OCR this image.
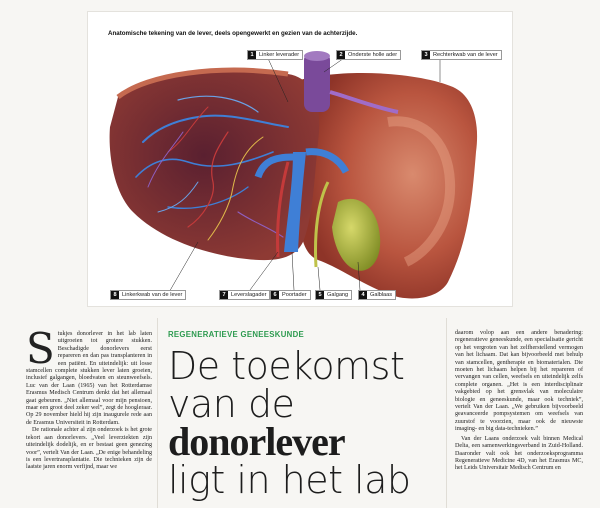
Anatomische tekening van de lever, deels opengewerkt en gezien van de achterzijde.
1 Linker leverader	2 Onderste holle ader	3 Rechterkwab van de lever
4 Galblaas
5 Galgang
6 Poortader
7 Leverslagader
8 Linkerkwab van de lever
S tukjes donorlever in het lab laten uitgroeien tot grotere stukken. Beschadigde donorlevers eerst repareren en dan pas transplanteren in een patiënt. En uiteindelijk: uit losse stamcellen complete stukken lever laten groeien, inclusief galgangen, bloedvaten en steunweefsels. Luc van der Laan (1965) van het Rotterdamse Erasmus Medisch Centrum denkt dat het allemaal gaat gebeuren. „Niet allemaal voor mijn pensioen, maar een groot deel zeker wel”, zegt de hoogleraar. Op 29 november hield hij zijn inaugurele rede aan de Erasmus Universiteit in Rotterdam.

De rationale achter al zijn onderzoek is het grote tekort aan donorlevers. „Veel leverziekten zijn uiteindelijk dodelijk, en er bestaat geen genezing voor”, vertelt Van der Laan. „De enige behandeling is een levertransplantatie. Die technieken zijn de laatste jaren enorm verfijnd, maar we

REGENERATIEVE GENEESKUNDE
De toekomst
van de
donorlever
ligt in het lab

daarom volop aan een andere benadering: regeneratieve geneeskunde, een specialisatie gericht op het vergroten van het zelfherstellend vermogen van het lichaam. Dat kan bijvoorbeeld met behulp van stamcellen, gentherapie en biomaterialen. Die moeten het lichaam helpen bij het repareren of vervangen van cellen, weefsels en uiteindelijk zelfs complete organen. „Het is een interdisciplinair vakgebied op het grensvlak van moleculaire biologie en geneeskunde, maar ook techniek”, vertelt Van der Laan. „We gebruiken bijvoorbeeld geavanceerde pompsystemen om weefsels van zuurstof te voorzien, maar ook de nieuwste imaging- en big data-technieken.”

Van der Laans onderzoek valt binnen Medical Delta, een samenwerkingsverband in Zuid-Holland. Daaronder valt ook het onderzoeksprogramma Regeneratieve Medicine 4D, van het Erasmus MC, het Leids Universitair Medisch Centrum en
